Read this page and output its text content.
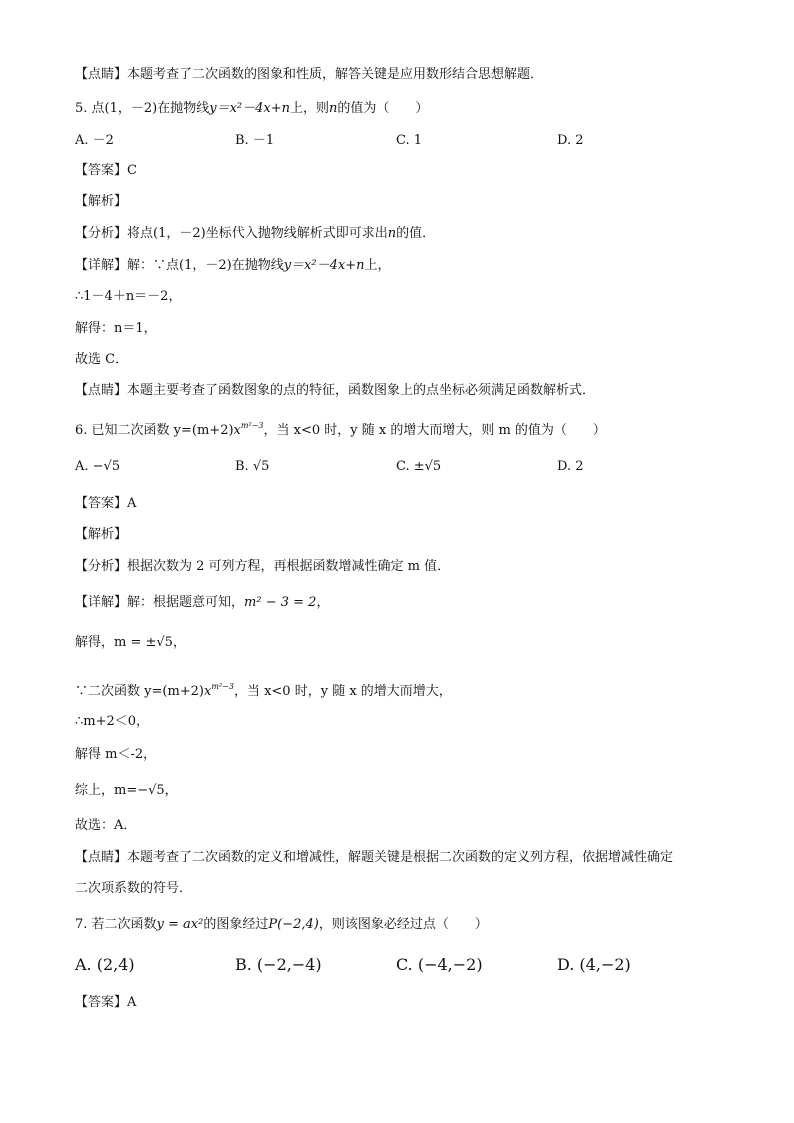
【点睛】本题考查了二次函数的图象和性质，解答关键是应用数形结合思想解题．
5. 点(1，－2)在抛物线y＝x²－4x+n上，则n的值为（　　）
A. －2	B. －1	C. 1	D. 2
【答案】C
【解析】
【分析】将点(1，－2)坐标代入抛物线解析式即可求出n的值．
【详解】解：∵点(1，－2)在抛物线y＝x²－4x+n上，
∴1－4＋n＝－2，
解得：n＝1，
故选 C．
【点睛】本题主要考查了函数图象的点的特征，函数图象上的点坐标必须满足函数解析式．
6. 已知二次函数 $y=(m+2)x^{m^2-3}$，当 x<0 时，y 随 x 的增大而增大，则 m 的值为（　　）
A. −√5	B. √5	C. ±√5	D. 2
【答案】A
【解析】
【分析】根据次数为 2 可列方程，再根据函数增减性确定 m 值．
【详解】解：根据题意可知，m² − 3 = 2，
解得，m = ±√5，
∵二次函数 $y=(m+2)x^{m^2-3}$，当 x<0 时，y 随 x 的增大而增大，
∴m+2＜0，
解得 m＜-2，
综上，m=−√5，
故选：A．
【点睛】本题考查了二次函数的定义和增减性，解题关键是根据二次函数的定义列方程，依据增减性确定
二次项系数的符号．
7. 若二次函数y = ax²的图象经过P(−2,4)，则该图象必经过点（　　）
A. (2,4)	B. (−2,−4)	C. (−4,−2)	D. (4,−2)
【答案】A
